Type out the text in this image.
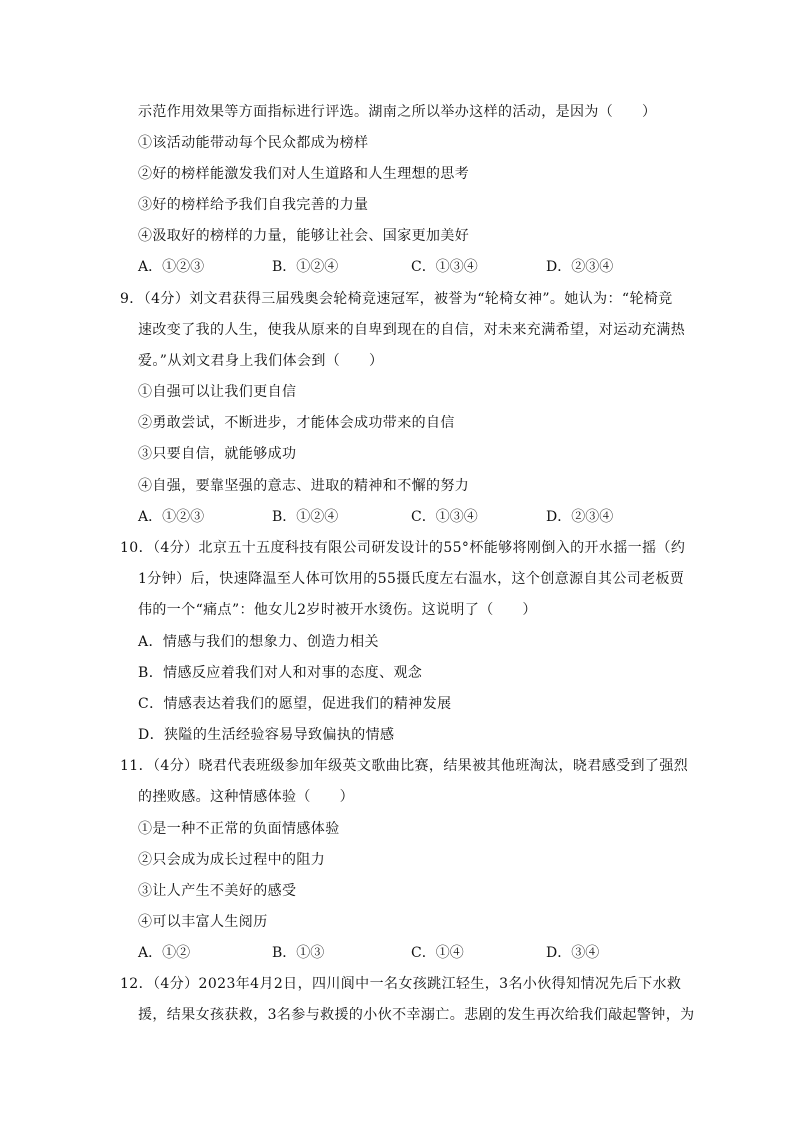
示范作用效果等方面指标进行评选。湖南之所以举办这样的活动，是因为（　　）
①该活动能带动每个民众都成为榜样
②好的榜样能激发我们对人生道路和人生理想的思考
③好的榜样给予我们自我完善的力量
④汲取好的榜样的力量，能够让社会、国家更加美好
A．①②③	B．①②④	C．①③④	D．②③④
9．（4分）刘文君获得三届残奥会轮椅竞速冠军，被誉为“轮椅女神”。她认为：“轮椅竞
速改变了我的人生，使我从原来的自卑到现在的自信，对未来充满希望，对运动充满热
爱。”从刘文君身上我们体会到（　　）
①自强可以让我们更自信
②勇敢尝试，不断进步，才能体会成功带来的自信
③只要自信，就能够成功
④自强，要靠坚强的意志、进取的精神和不懈的努力
A．①②③	B．①②④	C．①③④	D．②③④
10．（4分）北京五十五度科技有限公司研发设计的55°杯能够将刚倒入的开水摇一摇（约
1分钟）后，快速降温至人体可饮用的55摄氏度左右温水，这个创意源自其公司老板贾
伟的一个“痛点”：他女儿2岁时被开水烫伤。这说明了（　　）
A．情感与我们的想象力、创造力相关
B．情感反应着我们对人和对事的态度、观念
C．情感表达着我们的愿望，促进我们的精神发展
D．狭隘的生活经验容易导致偏执的情感
11．（4分）晓君代表班级参加年级英文歌曲比赛，结果被其他班淘汰，晓君感受到了强烈
的挫败感。这种情感体验（　　）
①是一种不正常的负面情感体验
②只会成为成长过程中的阻力
③让人产生不美好的感受
④可以丰富人生阅历
A．①②	B．①③	C．①④	D．③④
12．（4分）2023年4月2日，四川阆中一名女孩跳江轻生，3名小伙得知情况先后下水救
援，结果女孩获救，3名参与救援的小伙不幸溺亡。悲剧的发生再次给我们敲起警钟，为
